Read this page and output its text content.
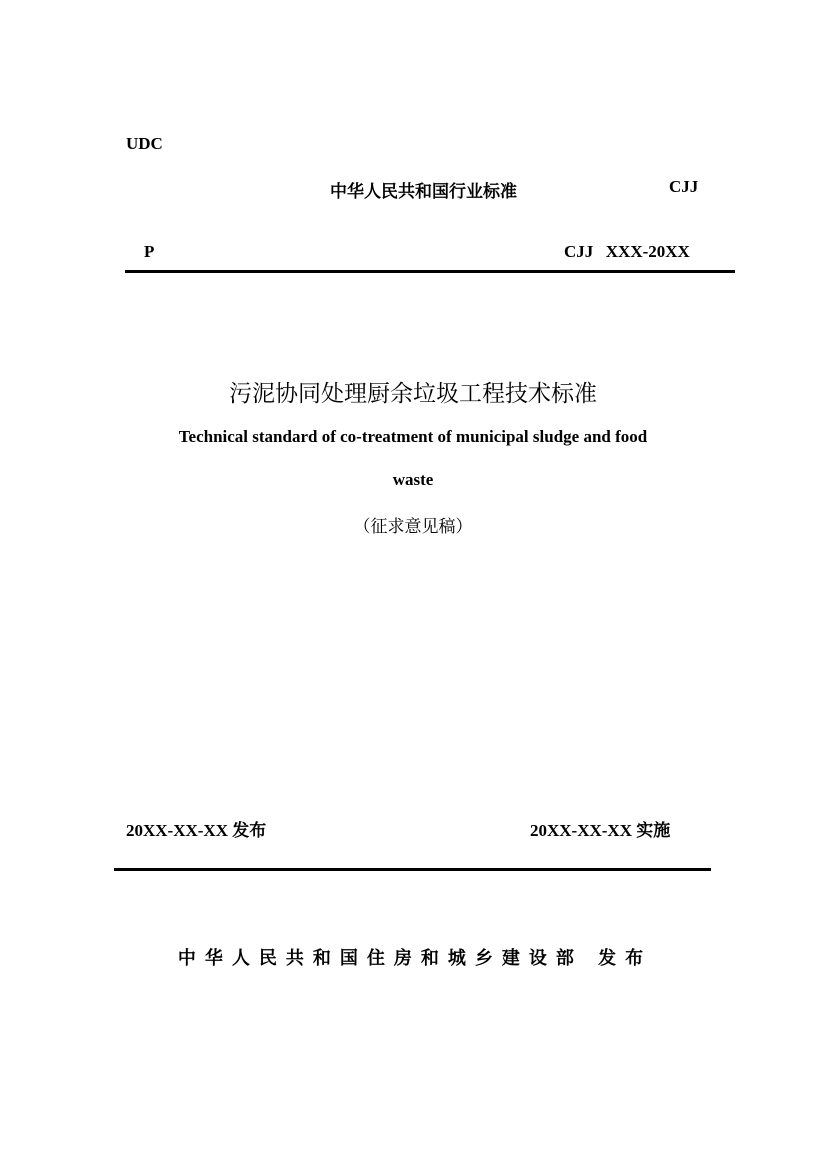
UDC
中华人民共和国行业标准	CJJ
P	CJJ  XXX-20XX
污泥协同处理厨余垃圾工程技术标准
Technical standard of co-treatment of municipal sludge and food
waste
（征求意见稿）
20XX-XX-XX 发布	20XX-XX-XX 实施
中华人民共和国住房和城乡建设部 发布
